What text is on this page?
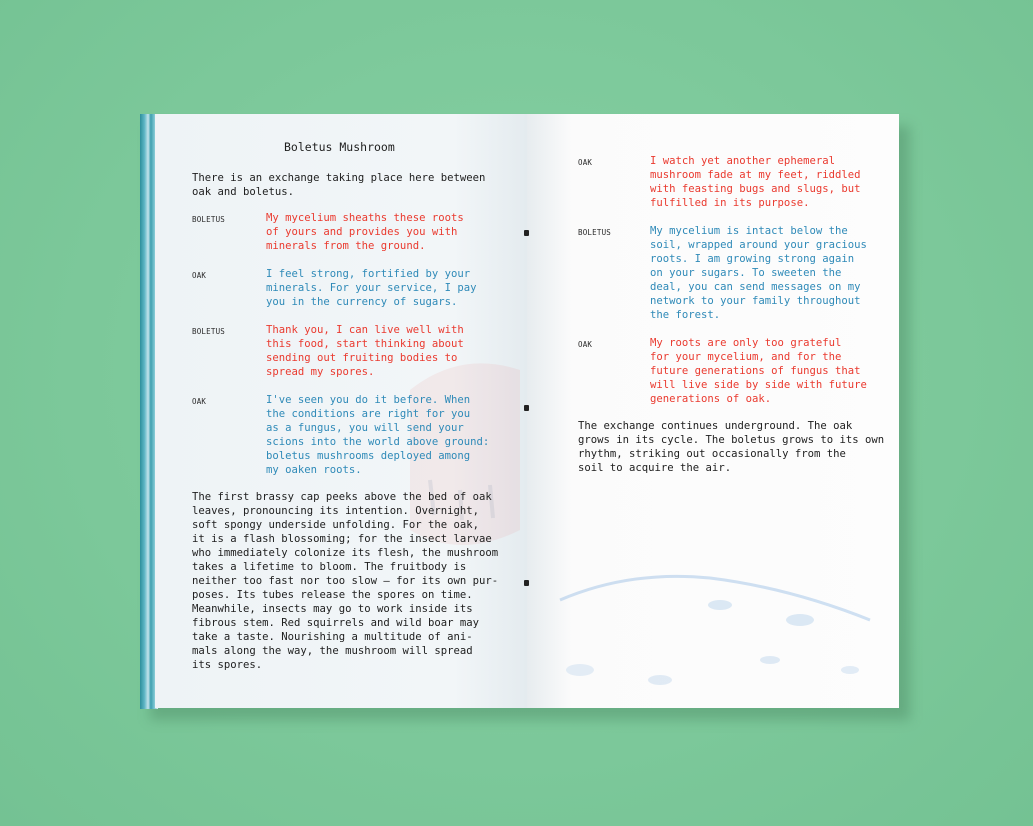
Boletus Mushroom
There is an exchange taking place here between
oak and boletus.
BOLETUS	My mycelium sheaths these roots
of yours and provides you with
minerals from the ground.
OAK	I feel strong, fortified by your
minerals. For your service, I pay
you in the currency of sugars.
BOLETUS	Thank you, I can live well with
this food, start thinking about
sending out fruiting bodies to
spread my spores.
OAK	I've seen you do it before. When
the conditions are right for you
as a fungus, you will send your
scions into the world above ground:
boletus mushrooms deployed among
my oaken roots.
The first brassy cap peeks above the bed of oak
leaves, pronouncing its intention. Overnight,
soft spongy underside unfolding. For the oak,
it is a flash blossoming; for the insect larvae
who immediately colonize its flesh, the mushroom
takes a lifetime to bloom. The fruitbody is
neither too fast nor too slow – for its own pur-
poses. Its tubes release the spores on time.
Meanwhile, insects may go to work inside its
fibrous stem. Red squirrels and wild boar may
take a taste. Nourishing a multitude of ani-
mals along the way, the mushroom will spread
its spores.
OAK	I watch yet another ephemeral
mushroom fade at my feet, riddled
with feasting bugs and slugs, but
fulfilled in its purpose.
BOLETUS	My mycelium is intact below the
soil, wrapped around your gracious
roots. I am growing strong again
on your sugars. To sweeten the
deal, you can send messages on my
network to your family throughout
the forest.
OAK	My roots are only too grateful
for your mycelium, and for the
future generations of fungus that
will live side by side with future
generations of oak.
The exchange continues underground. The oak
grows in its cycle. The boletus grows to its own
rhythm, striking out occasionally from the
soil to acquire the air.
